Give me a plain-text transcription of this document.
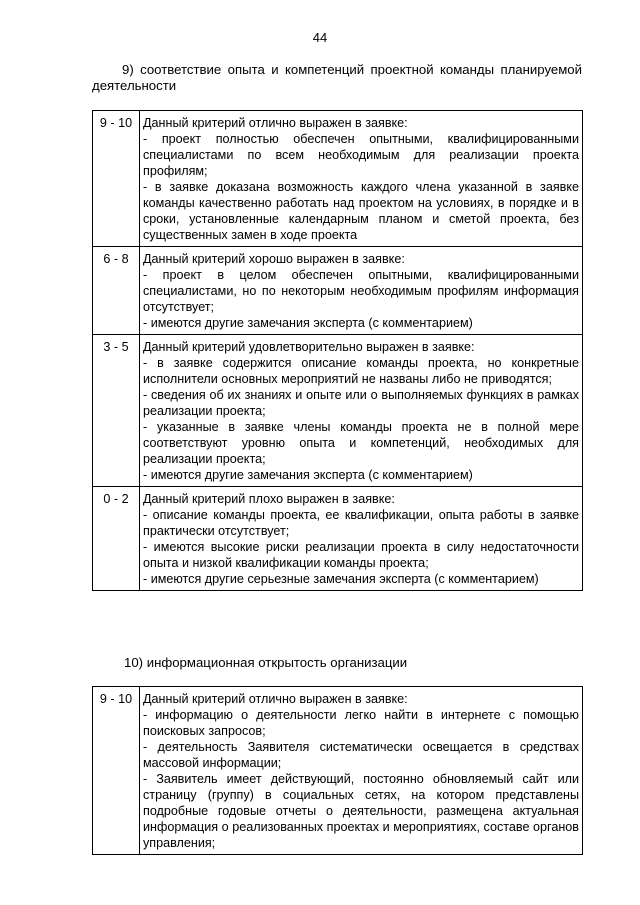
44
9) соответствие опыта и компетенций проектной команды планируемой деятельности
9 - 10	Данный критерий отлично выражен в заявке:
- проект полностью обеспечен опытными, квалифицированными специалистами по всем необходимым для реализации проекта профилям;
- в заявке доказана возможность каждого члена указанной в заявке команды качественно работать над проектом на условиях, в порядке и в сроки, установленные календарным планом и сметой проекта, без существенных замен в ходе проекта

6 - 8	Данный критерий хорошо выражен в заявке:
- проект в целом обеспечен опытными, квалифицированными специалистами, но по некоторым необходимым профилям информация отсутствует;
- имеются другие замечания эксперта (с комментарием)

3 - 5	Данный критерий удовлетворительно выражен в заявке:
- в заявке содержится описание команды проекта, но конкретные исполнители основных мероприятий не названы либо не приводятся;
- сведения об их знаниях и опыте или о выполняемых функциях в рамках реализации проекта;
- указанные в заявке члены команды проекта не в полной мере соответствуют уровню опыта и компетенций, необходимых для реализации проекта;
- имеются другие замечания эксперта (с комментарием)

0 - 2	Данный критерий плохо выражен в заявке:
- описание команды проекта, ее квалификации, опыта работы в заявке практически отсутствует;
- имеются высокие риски реализации проекта в силу недостаточности опыта и низкой квалификации команды проекта;
- имеются другие серьезные замечания эксперта (с комментарием)
10) информационная открытость организации
9 - 10	Данный критерий отлично выражен в заявке:
- информацию о деятельности легко найти в интернете с помощью поисковых запросов;
- деятельность Заявителя систематически освещается в средствах массовой информации;
- Заявитель имеет действующий, постоянно обновляемый сайт или страницу (группу) в социальных сетях, на котором представлены подробные годовые отчеты о деятельности, размещена актуальная информация о реализованных проектах и мероприятиях, составе органов управления;
